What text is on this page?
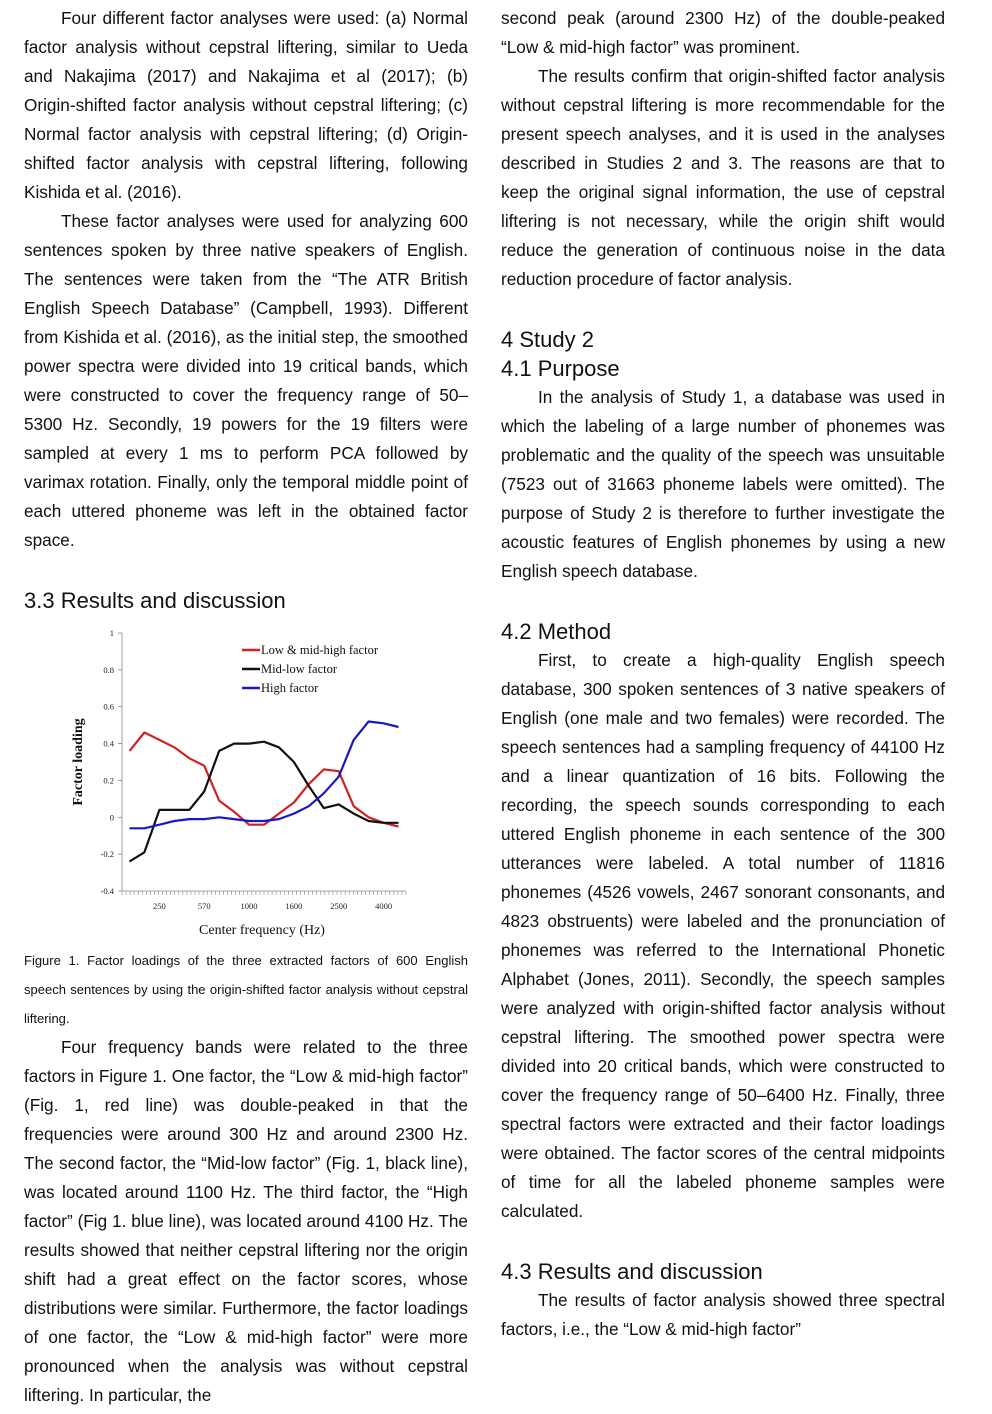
Four different factor analyses were used: (a) Normal factor analysis without cepstral liftering, similar to Ueda and Nakajima (2017) and Nakajima et al (2017); (b) Origin-shifted factor analysis without cepstral liftering; (c) Normal factor analysis with cepstral liftering; (d) Origin-shifted factor analysis with cepstral liftering, following Kishida et al. (2016).

These factor analyses were used for analyzing 600 sentences spoken by three native speakers of English. The sentences were taken from the “The ATR British English Speech Database” (Campbell, 1993). Different from Kishida et al. (2016), as the initial step, the smoothed power spectra were divided into 19 critical bands, which were constructed to cover the frequency range of 50–5300 Hz. Secondly, 19 powers for the 19 filters were sampled at every 1 ms to perform PCA followed by varimax rotation. Finally, only the temporal middle point of each uttered phoneme was left in the obtained factor space.

3.3 Results and discussion
1
0.8
0.6
0.4
0.2
0
-0.2
-0.4
250	570	1000	1600	2500	4000
Center frequency (Hz)
Factor loading
Low & mid-high factor
Mid-low factor
High factor

Figure 1. Factor loadings of the three extracted factors of 600 English speech sentences by using the origin-shifted factor analysis without cepstral liftering.

Four frequency bands were related to the three factors in Figure 1. One factor, the “Low & mid-high factor” (Fig. 1, red line) was double-peaked in that the frequencies were around 300 Hz and around 2300 Hz. The second factor, the “Mid-low factor” (Fig. 1, black line), was located around 1100 Hz. The third factor, the “High factor” (Fig 1. blue line), was located around 4100 Hz. The results showed that neither cepstral liftering nor the origin shift had a great effect on the factor scores, whose distributions were similar. Furthermore, the factor loadings of one factor, the “Low & mid-high factor” were more pronounced when the analysis was without cepstral liftering. In particular, the

second peak (around 2300 Hz) of the double-peaked “Low & mid-high factor” was prominent.

The results confirm that origin-shifted factor analysis without cepstral liftering is more recommendable for the present speech analyses, and it is used in the analyses described in Studies 2 and 3. The reasons are that to keep the original signal information, the use of cepstral liftering is not necessary, while the origin shift would reduce the generation of continuous noise in the data reduction procedure of factor analysis.

4 Study 2
4.1 Purpose

In the analysis of Study 1, a database was used in which the labeling of a large number of phonemes was problematic and the quality of the speech was unsuitable (7523 out of 31663 phoneme labels were omitted). The purpose of Study 2 is therefore to further investigate the acoustic features of English phonemes by using a new English speech database.

4.2 Method

First, to create a high-quality English speech database, 300 spoken sentences of 3 native speakers of English (one male and two females) were recorded. The speech sentences had a sampling frequency of 44100 Hz and a linear quantization of 16 bits. Following the recording, the speech sounds corresponding to each uttered English phoneme in each sentence of the 300 utterances were labeled. A total number of 11816 phonemes (4526 vowels, 2467 sonorant consonants, and 4823 obstruents) were labeled and the pronunciation of phonemes was referred to the International Phonetic Alphabet (Jones, 2011). Secondly, the speech samples were analyzed with origin-shifted factor analysis without cepstral liftering. The smoothed power spectra were divided into 20 critical bands, which were constructed to cover the frequency range of 50–6400 Hz. Finally, three spectral factors were extracted and their factor loadings were obtained. The factor scores of the central midpoints of time for all the labeled phoneme samples were calculated.

4.3 Results and discussion

The results of factor analysis showed three spectral factors, i.e., the “Low & mid-high factor”
